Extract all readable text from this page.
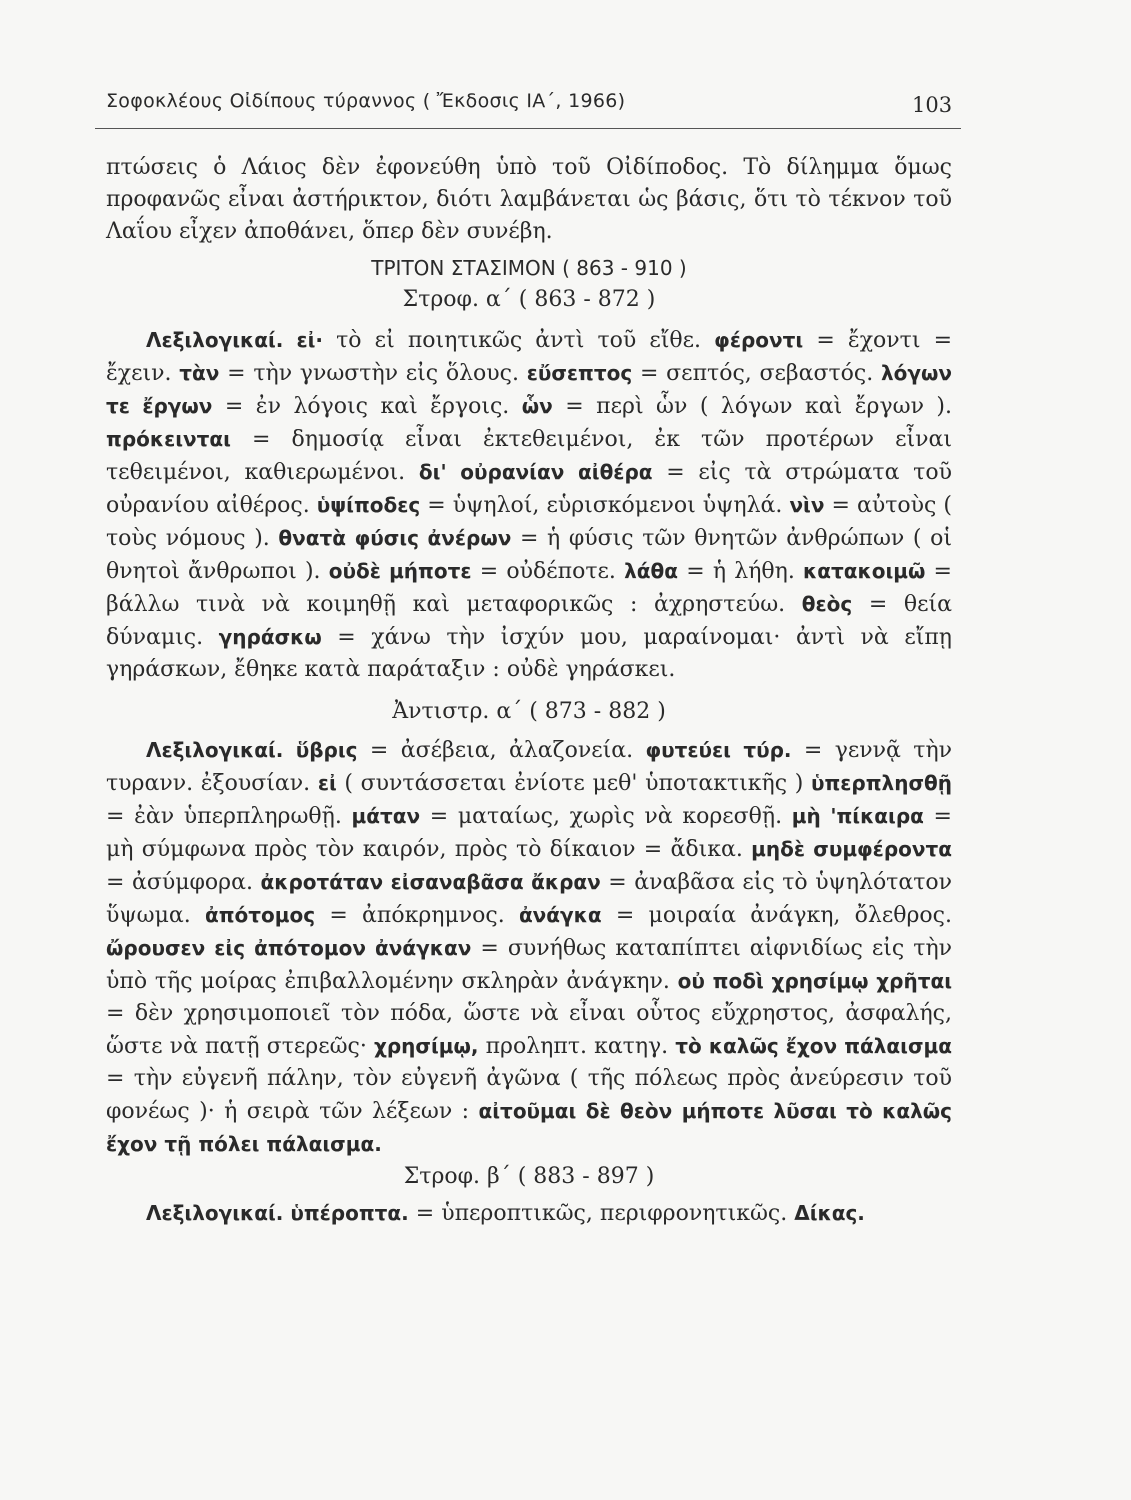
Σοφοκλέους Οἰδίπους τύραννος ( Ἔκδοσις ΙΑ΄, 1966)	103

πτώσεις ὁ Λάιος δὲν ἐφονεύθη ὑπὸ τοῦ Οἰδίποδος. Τὸ δίλημμα ὅμως προφανῶς εἶναι ἀστήρικτον, διότι λαμβάνεται ὡς βάσις, ὅτι τὸ τέκνον τοῦ Λαΐου εἶχεν ἀποθάνει, ὅπερ δὲν συνέβη.

ΤΡΙΤΟΝ ΣΤΑΣΙΜΟΝ ( 863 - 910 )
Στροφ. α΄ ( 863 - 872 )

Λεξιλογικαί. εἰ· τὸ εἰ ποιητικῶς ἀντὶ τοῦ εἴθε. φέροντι = ἔχοντι = ἔχειν. τὰν = τὴν γνωστὴν εἰς ὅλους. εὔσεπτος = σεπτός, σεβαστός. λόγων τε ἔργων = ἐν λόγοις καὶ ἔργοις. ὧν = περὶ ὧν ( λόγων καὶ ἔργων ). πρόκεινται = δημοσίᾳ εἶναι ἐκτεθειμένοι, ἐκ τῶν προτέρων εἶναι τεθειμένοι, καθιερωμένοι. δι' οὐρανίαν αἰθέρα = εἰς τὰ στρώματα τοῦ οὐρανίου αἰθέρος. ὑψίποδες = ὑψηλοί, εὑρισκόμενοι ὑψηλά. νὶν = αὐτοὺς ( τοὺς νόμους ). θνατὰ φύσις ἀνέρων = ἡ φύσις τῶν θνητῶν ἀνθρώπων ( οἱ θνητοὶ ἄνθρωποι ). οὐδὲ μήποτε = οὐδέποτε. λάθα = ἡ λήθη. κατακοιμῶ = βάλλω τινὰ νὰ κοιμηθῇ καὶ μεταφορικῶς : ἀχρηστεύω. θεὸς = θεία δύναμις. γηράσκω = χάνω τὴν ἰσχύν μου, μαραίνομαι· ἀντὶ νὰ εἴπῃ γηράσκων, ἔθηκε κατὰ παράταξιν : οὐδὲ γηράσκει.

Ἀντιστρ. α΄ ( 873 - 882 )

Λεξιλογικαί. ὕβρις = ἀσέβεια, ἀλαζονεία. φυτεύει τύρ. = γεννᾷ τὴν τυρανν. ἐξουσίαν. εἰ ( συντάσσεται ἐνίοτε μεθ' ὑποτακτικῆς ) ὑπερπλησθῇ = ἐὰν ὑπερπληρωθῇ. μάταν = ματαίως, χωρὶς νὰ κορεσθῇ. μὴ 'πίκαιρα = μὴ σύμφωνα πρὸς τὸν καιρόν, πρὸς τὸ δίκαιον = ἄδικα. μηδὲ συμφέροντα = ἀσύμφορα. ἀκροτάταν εἰσαναβᾶσα ἄκραν = ἀναβᾶσα εἰς τὸ ὑψηλότατον ὕψωμα. ἀπότομος = ἀπόκρημνος. ἀνάγκα = μοιραία ἀνάγκη, ὄλεθρος. ὤρουσεν εἰς ἀπότομον ἀνάγκαν = συνήθως καταπίπτει αἰφνιδίως εἰς τὴν ὑπὸ τῆς μοίρας ἐπιβαλλομένην σκληρὰν ἀνάγκην. οὐ ποδὶ χρησίμῳ χρῆται = δὲν χρησιμοποιεῖ τὸν πόδα, ὥστε νὰ εἶναι οὗτος εὔχρηστος, ἀσφαλής, ὥστε νὰ πατῇ στερεῶς· χρησίμῳ, προληπτ. κατηγ. τὸ καλῶς ἔχον πάλαισμα = τὴν εὐγενῆ πάλην, τὸν εὐγενῆ ἀγῶνα ( τῆς πόλεως πρὸς ἀνεύρεσιν τοῦ φονέως )· ἡ σειρὰ τῶν λέξεων : αἰτοῦμαι δὲ θεὸν μήποτε λῦσαι τὸ καλῶς ἔχον τῇ πόλει πάλαισμα.

Στροφ. β΄ ( 883 - 897 )

Λεξιλογικαί. ὑπέροπτα. = ὑπεροπτικῶς, περιφρονητικῶς. Δίκας.
